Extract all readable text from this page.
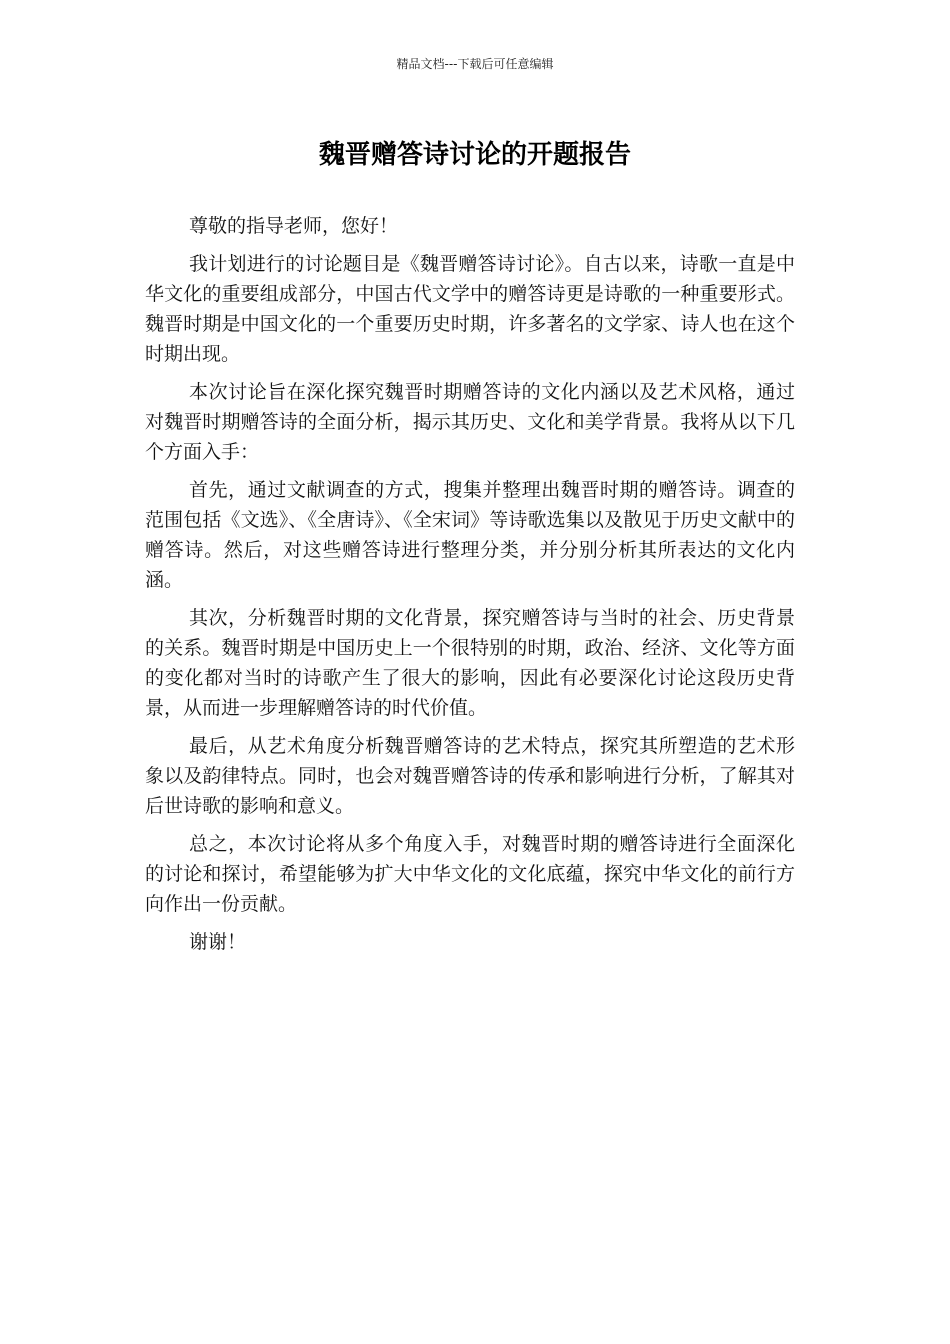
精品文档---下载后可任意编辑
魏晋赠答诗讨论的开题报告

尊敬的指导老师，您好！

我计划进行的讨论题目是《魏晋赠答诗讨论》。自古以来，诗歌一直是中华文化的重要组成部分，中国古代文学中的赠答诗更是诗歌的一种重要形式。魏晋时期是中国文化的一个重要历史时期，许多著名的文学家、诗人也在这个时期出现。

本次讨论旨在深化探究魏晋时期赠答诗的文化内涵以及艺术风格，通过对魏晋时期赠答诗的全面分析，揭示其历史、文化和美学背景。我将从以下几个方面入手：

首先，通过文献调查的方式，搜集并整理出魏晋时期的赠答诗。调查的范围包括《文选》、《全唐诗》、《全宋词》等诗歌选集以及散见于历史文献中的赠答诗。然后，对这些赠答诗进行整理分类，并分别分析其所表达的文化内涵。

其次，分析魏晋时期的文化背景，探究赠答诗与当时的社会、历史背景的关系。魏晋时期是中国历史上一个很特别的时期，政治、经济、文化等方面的变化都对当时的诗歌产生了很大的影响，因此有必要深化讨论这段历史背景，从而进一步理解赠答诗的时代价值。

最后，从艺术角度分析魏晋赠答诗的艺术特点，探究其所塑造的艺术形象以及韵律特点。同时，也会对魏晋赠答诗的传承和影响进行分析，了解其对后世诗歌的影响和意义。

总之，本次讨论将从多个角度入手，对魏晋时期的赠答诗进行全面深化的讨论和探讨，希望能够为扩大中华文化的文化底蕴，探究中华文化的前行方向作出一份贡献。

谢谢！
